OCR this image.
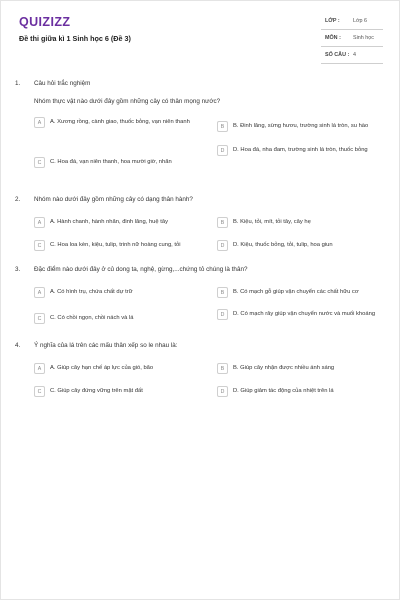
QUIZIZZ
Đề thi giữa kì 1 Sinh học 6 (Đề 3)
LỚP :	Lớp 6
MÔN :	Sinh học
SỐ CÂU : 4
1. Câu hỏi trắc nghiệm
Nhóm thực vật nào dưới đây gồm những cây có thân mọng nước?
A	A. Xương rồng, cành giao, thuốc bỏng, vạn niên thanh
B	B. Đinh lăng, sừng hươu, trường sinh lá tròn, su hào
C	C. Hoa đá, vạn niên thanh, hoa mười giờ, nhãn
D	D. Hoa đá, nha đam, trường sinh lá tròn, thuốc bỏng
2. Nhóm nào dưới đây gồm những cây có dạng thân hành?
A	A. Hành chanh, hành nhãn, đinh lăng, huệ tây	B	B. Kiệu, tỏi, mít, tỏi tây, cây hẹ
C	C. Hoa loa kèn, kiệu, tulip, trinh nữ hoàng cung, tỏi	D	D. Kiệu, thuốc bỏng, tỏi, tulip, hoa giun
3. Đặc điểm nào dưới đây ở củ dong ta, nghệ, gừng,...chứng tỏ chúng là thân?
A	A. Có hình trụ, chứa chất dự trữ	B	B. Có mạch gỗ giúp vận chuyển các chất hữu cơ
C	C. Có chồi ngọn, chồi nách và lá
D	D. Có mạch rây giúp vận chuyển nước và muối khoáng
4. Ý nghĩa của lá trên các mấu thân xếp so le nhau là:
A	A. Giúp cây hạn chế áp lực của gió, bão	B	B. Giúp cây nhận được nhiều ánh sáng
C	C. Giúp cây đứng vững trên mặt đất	D	D. Giúp giảm tác động của nhiệt trên lá
